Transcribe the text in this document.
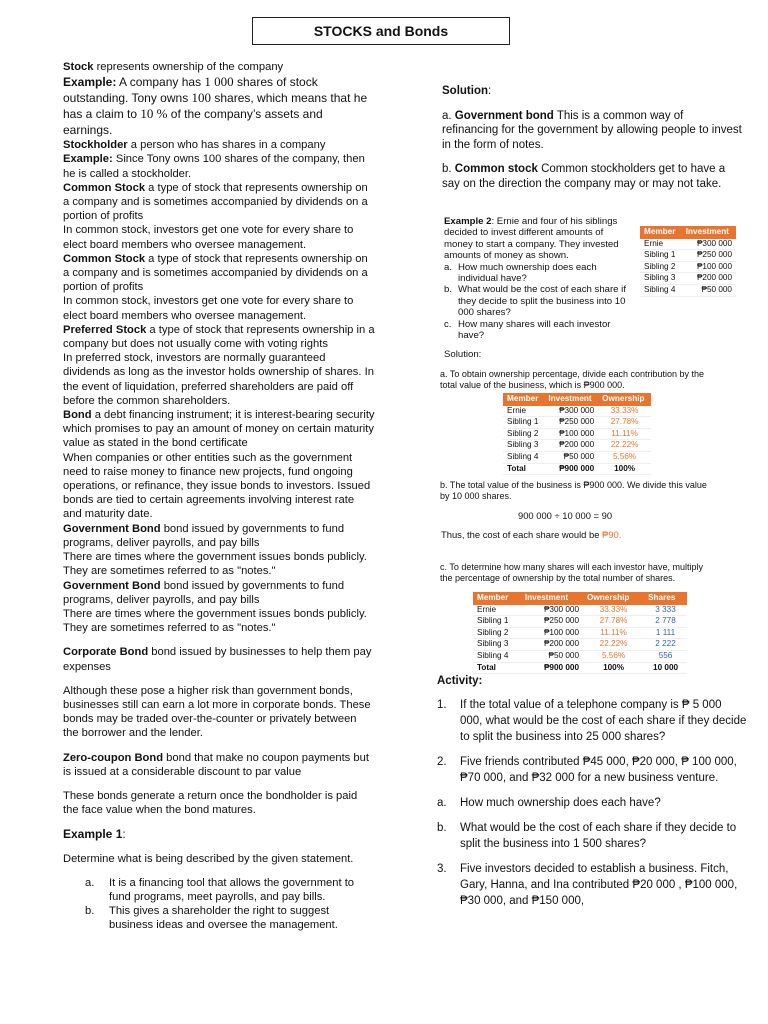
STOCKS and Bonds

Stock represents ownership of the company

Example: A company has 1 000 shares of stock outstanding. Tony owns 100 shares, which means that he has a claim to 10 % of the company’s assets and earnings.

Stockholder a person who has shares in a company

Example: Since Tony owns 100 shares of the company, then he is called a stockholder.

Common Stock a type of stock that represents ownership on a company and is sometimes accompanied by dividends on a portion of profits

In common stock, investors get one vote for every share to elect board members who oversee management.

Common Stock a type of stock that represents ownership on a company and is sometimes accompanied by dividends on a portion of profits

In common stock, investors get one vote for every share to elect board members who oversee management.

Preferred Stock a type of stock that represents ownership in a company but does not usually come with voting rights

In preferred stock, investors are normally guaranteed dividends as long as the investor holds ownership of shares. In the event of liquidation, preferred shareholders are paid off before the common shareholders.

Bond a debt financing instrument; it is interest-bearing security which promises to pay an amount of money on certain maturity value as stated in the bond certificate

When companies or other entities such as the government need to raise money to finance new projects, fund ongoing operations, or refinance, they issue bonds to investors. Issued bonds are tied to certain agreements involving interest rate and maturity date.

Government Bond bond issued by governments to fund programs, deliver payrolls, and pay bills

There are times where the government issues bonds publicly. They are sometimes referred to as "notes."

Government Bond bond issued by governments to fund programs, deliver payrolls, and pay bills

There are times where the government issues bonds publicly. They are sometimes referred to as "notes."

Corporate Bond bond issued by businesses to help them pay expenses

Although these pose a higher risk than government bonds, businesses still can earn a lot more in corporate bonds. These bonds may be traded over-the-counter or privately between the borrower and the lender.

Zero-coupon Bond bond that make no coupon payments but is issued at a considerable discount to par value

These bonds generate a return once the bondholder is paid the face value when the bond matures.

Example 1:

Determine what is being described by the given statement.

a.	It is a financing tool that allows the government to fund programs, meet payrolls, and pay bills.
b.	This gives a shareholder the right to suggest business ideas and oversee the management.

Solution:

a. Government bond This is a common way of refinancing for the government by allowing people to invest in the form of notes.

b. Common stock Common stockholders get to have a say on the direction the company may or may not take.

Example 2: Ernie and four of his siblings decided to invest different amounts of money to start a company. They invested amounts of money as shown.

a. How much ownership does each individual have?
b. What would be the cost of each share if they decide to split the business into 10 000 shares?
c. How many shares will each investor have?
Member	Investment
Ernie	₱300 000
Sibling 1	₱250 000
Sibling 2	₱100 000
Sibling 3	₱200 000
Sibling 4	₱50 000

Solution:

a. To obtain ownership percentage, divide each contribution by the total value of the business, which is ₱900 000.

Member	Investment	Ownership
Ernie	₱300 000	33.33%
Sibling 1	₱250 000	27.78%
Sibling 2	₱100 000	11.11%
Sibling 3	₱200 000	22.22%
Sibling 4	₱50 000	5.56%
Total	₱900 000	100%

b. The total value of the business is ₱900 000. We divide this value by 10 000 shares.

900 000 ÷ 10 000 = 90

Thus, the cost of each share would be ₱90.

c. To determine how many shares will each investor have, multiply the percentage of ownership by the total number of shares.

Member	Investment	Ownership	Shares
Ernie	₱300 000	33.33%	3 333
Sibling 1	₱250 000	27.78%	2 778
Sibling 2	₱100 000	11.11%	1 111
Sibling 3	₱200 000	22.22%	2 222
Sibling 4	₱50 000	5.56%	556
Total	₱900 000	100%	10 000

Activity:

1.	If the total value of a telephone company is ₱ 5 000 000, what would be the cost of each share if they decide to split the business into 25 000 shares?
2.	Five friends contributed ₱45 000, ₱20 000, ₱ 100 000, ₱70 000, and ₱32 000 for a new business venture.
a.	How much ownership does each have?
b.	What would be the cost of each share if they decide to split the business into 1 500 shares?
3.	Five investors decided to establish a business. Fitch, Gary, Hanna, and Ina contributed ₱20 000 , ₱100 000, ₱30 000, and ₱150 000,
